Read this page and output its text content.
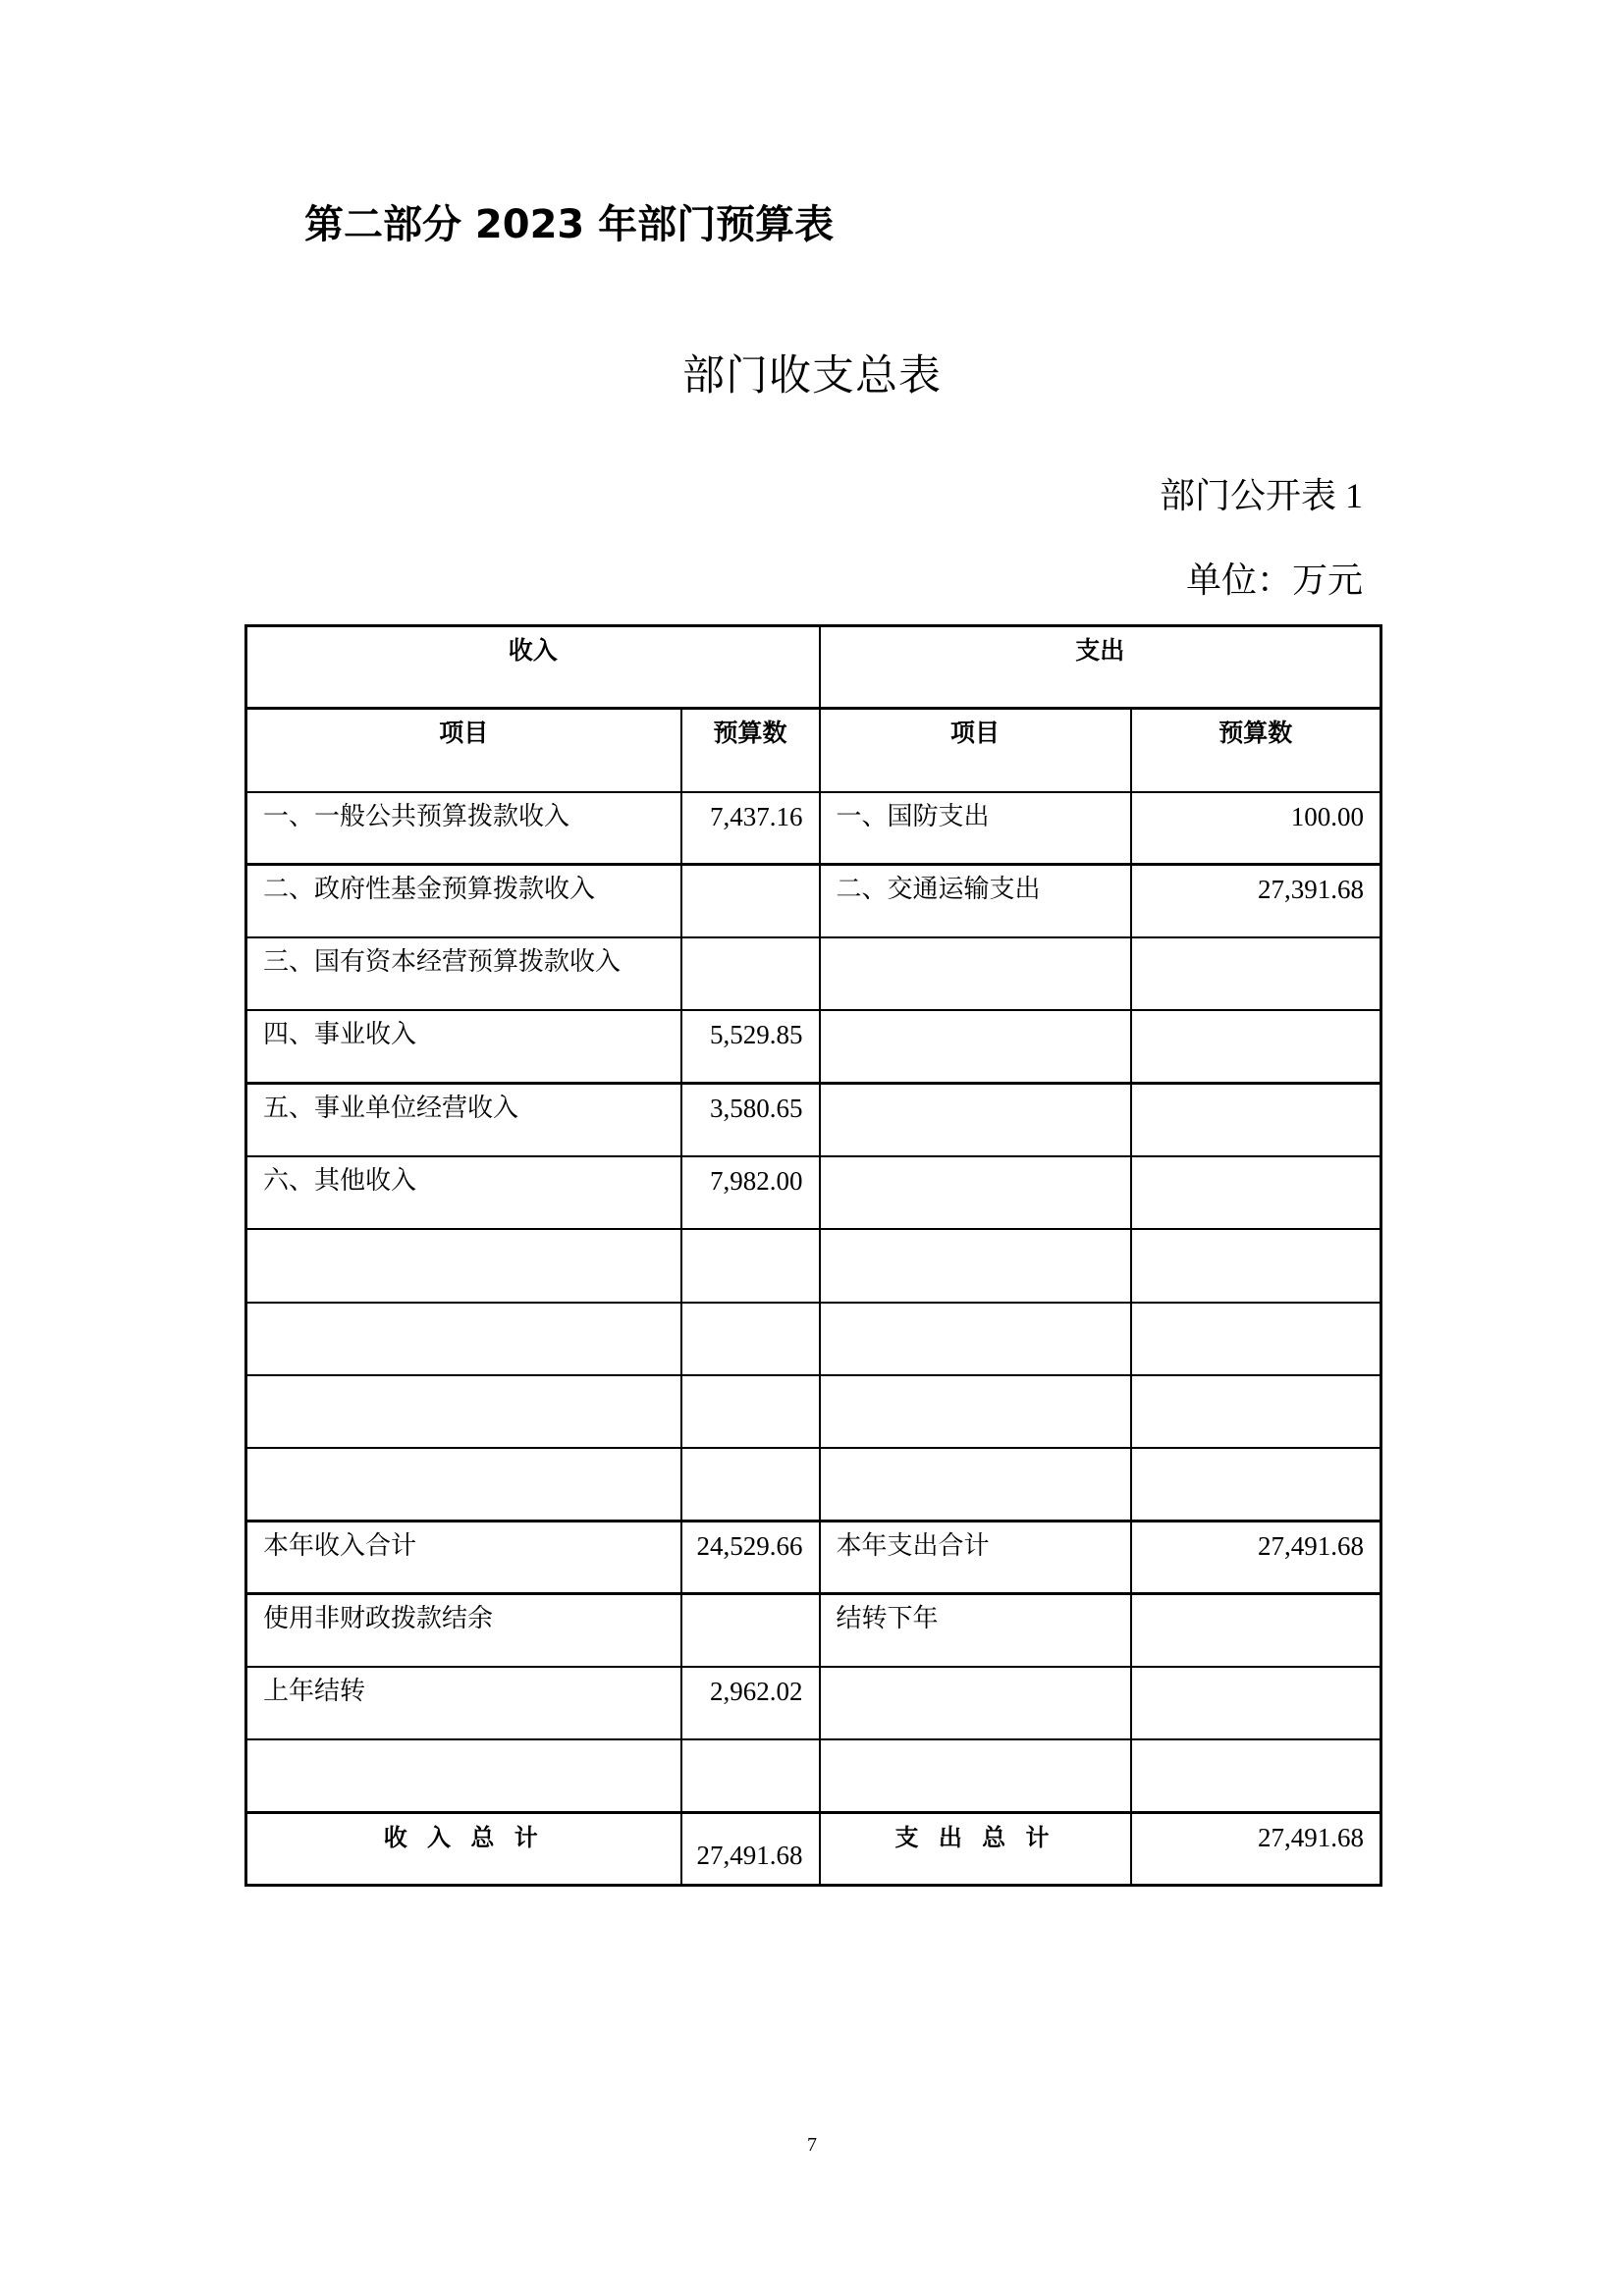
第二部分 2023 年部门预算表
部门收支总表
部门公开表 1
单位：万元
收入		支出	
项目	预算数	项目	预算数
一、一般公共预算拨款收入	7,437.16	一、国防支出	100.00
二、政府性基金预算拨款收入		二、交通运输支出	27,391.68
三、国有资本经营预算拨款收入			
四、事业收入	5,529.85		
五、事业单位经营收入	3,580.65		
六、其他收入	7,982.00		

本年收入合计	24,529.66	本年支出合计	27,491.68
使用非财政拨款结余		结转下年	
上年结转	2,962.02		

收 入 总 计	27,491.68	支 出 总 计	27,491.68
7
